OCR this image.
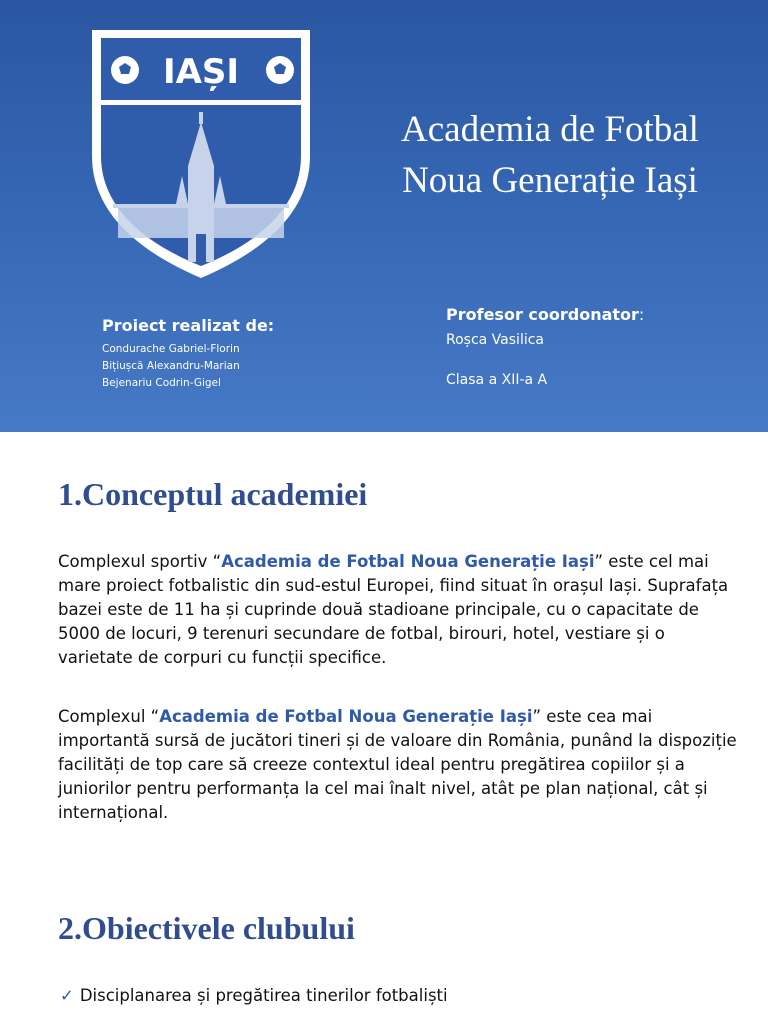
IAȘI
Academia de Fotbal
Noua Generație Iași
Proiect realizat de:
Condurache Gabriel-Florin
Bițiușcă Alexandru-Marian
Bejenariu Codrin-Gigel
Profesor coordonator:
Roșca Vasilica
Clasa a XII-a A
1.Conceptul academiei
Complexul sportiv “Academia de Fotbal Noua Generație Iași” este cel mai mare proiect fotbalistic din sud-estul Europei, fiind situat în orașul Iași. Suprafața bazei este de 11 ha și cuprinde două stadioane principale, cu o capacitate de 5000 de locuri, 9 terenuri secundare de fotbal, birouri, hotel, vestiare și o varietate de corpuri cu funcții specifice.
Complexul “Academia de Fotbal Noua Generație Iași” este cea mai importantă sursă de jucători tineri și de valoare din România, punând la dispoziție facilități de top care să creeze contextul ideal pentru pregătirea copiilor și a juniorilor pentru performanța la cel mai înalt nivel, atât pe plan național, cât și internațional.
2.Obiectivele clubului
✓ Disciplanarea și pregătirea tinerilor fotbaliști
